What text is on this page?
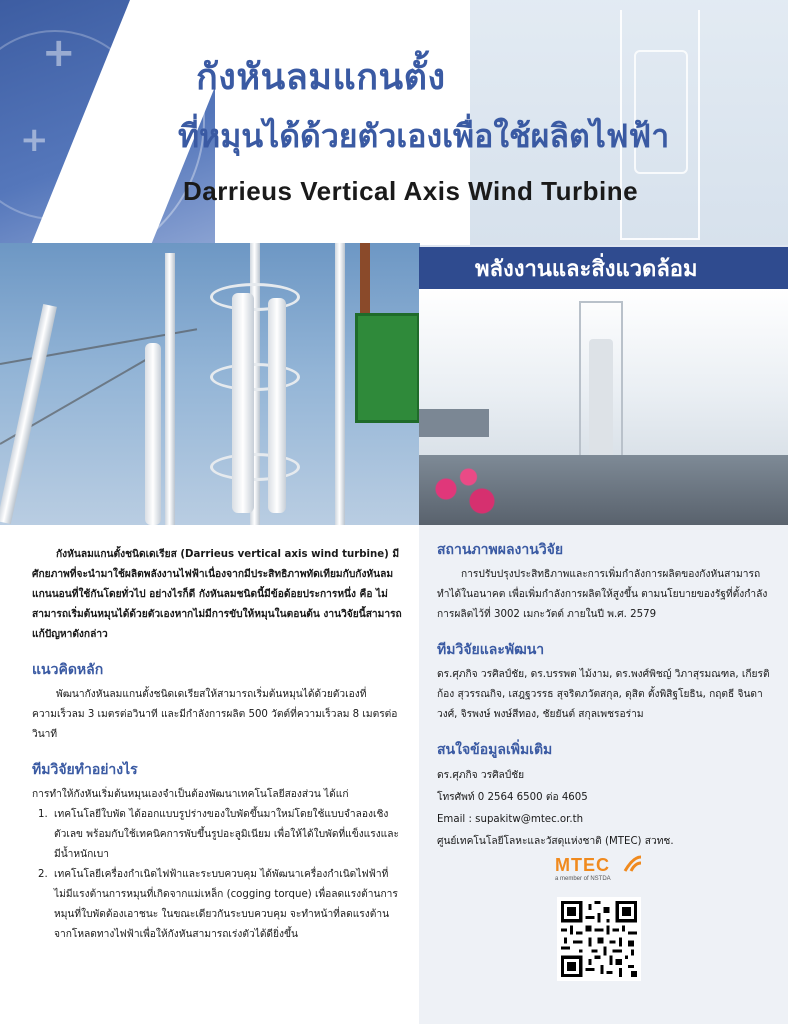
+
+
กังหันลมแกนตั้ง
ที่หมุนได้ด้วยตัวเองเพื่อใช้ผลิตไฟฟ้า
Darrieus Vertical Axis Wind Turbine
พลังงานและสิ่งแวดล้อม

กังหันลมแกนตั้งชนิดเดเรียส (Darrieus vertical axis wind turbine) มีศักยภาพที่จะนำมาใช้ผลิตพลังงานไฟฟ้าเนื่องจากมีประสิทธิภาพทัดเทียมกับกังหันลมแกนนอนที่ใช้กันโดยทั่วไป อย่างไรก็ดี กังหันลมชนิดนี้มีข้อด้อยประการหนึ่ง คือ ไม่สามารถเริ่มต้นหมุนได้ด้วยตัวเองหากไม่มีการขับให้หมุนในตอนต้น งานวิจัยนี้สามารถแก้ปัญหาดังกล่าว

แนวคิดหลัก

พัฒนากังหันลมแกนตั้งชนิดเดเรียสให้สามารถเริ่มต้นหมุนได้ด้วยตัวเองที่ความเร็วลม 3 เมตรต่อวินาที และมีกำลังการผลิต 500 วัตต์ที่ความเร็วลม 8 เมตรต่อวินาที

ทีมวิจัยทำอย่างไร

การทำให้กังหันเริ่มต้นหมุนเองจำเป็นต้องพัฒนาเทคโนโลยีสองส่วน ได้แก่

1. เทคโนโลยีใบพัด ได้ออกแบบรูปร่างของใบพัดขึ้นมาใหม่โดยใช้แบบจำลองเชิงตัวเลข พร้อมกับใช้เทคนิคการพับขึ้นรูปอะลูมิเนียม เพื่อให้ได้ใบพัดที่แข็งแรงและมีน้ำหนักเบา
2. เทคโนโลยีเครื่องกำเนิดไฟฟ้าและระบบควบคุม ได้พัฒนาเครื่องกำเนิดไฟฟ้าที่ไม่มีแรงต้านการหมุนที่เกิดจากแม่เหล็ก (cogging torque) เพื่อลดแรงต้านการหมุนที่ใบพัดต้องเอาชนะ ในขณะเดียวกันระบบควบคุม จะทำหน้าที่ลดแรงต้านจากโหลดทางไฟฟ้าเพื่อให้กังหันสามารถเร่งตัวได้ดียิ่งขึ้น
สถานภาพผลงานวิจัย

การปรับปรุงประสิทธิภาพและการเพิ่มกำลังการผลิตของกังหันสามารถทำได้ในอนาคต เพื่อเพิ่มกำลังการผลิตให้สูงขึ้น ตามนโยบายของรัฐที่ตั้งกำลังการผลิตไว้ที่ 3002 เมกะวัตต์ ภายในปี พ.ศ. 2579

ทีมวิจัยและพัฒนา

ดร.ศุภกิจ วรศิลป์ชัย, ดร.บรรพต ไม้งาม, ดร.พงศ์พิชญ์ วิภาสุรมณฑล, เกียรติก้อง สุวรรณกิจ, เสฎฐวรรธ สุจริตภวัตสกุล, ดุสิต ตั้งพิสิฐโยธิน, กฤตธี จินดาวงศ์, จิรพงษ์ พงษ์สีทอง, ชัยยันต์ สกุลเพชรอร่าม

สนใจข้อมูลเพิ่มเติม
ดร.ศุภกิจ วรศิลป์ชัย
โทรศัพท์ 0 2564 6500 ต่อ 4605
Email : supakitw@mtec.or.th
ศูนย์เทคโนโลยีโลหะและวัสดุแห่งชาติ (MTEC) สวทช.
MTEC
a member of NSTDA
